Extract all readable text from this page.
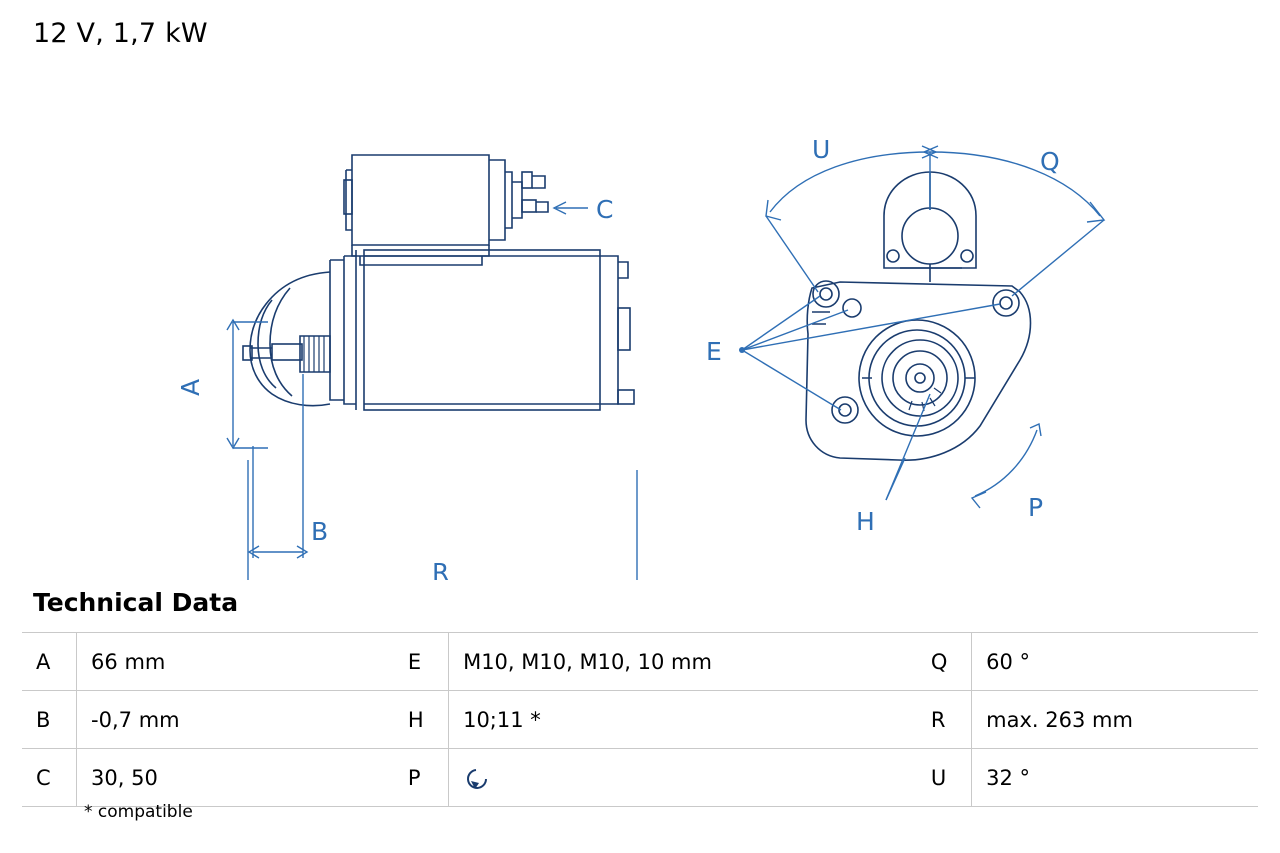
12 V, 1,7 kW
A
B
R
C
E
H	P
U	Q
Technical Data
A	66 mm	E	M10, M10, M10, 10 mm	Q	60 °
B	-0,7 mm	H	10;11 *	R	max. 263 mm
C	30, 50	P		U	32 °
* compatible
